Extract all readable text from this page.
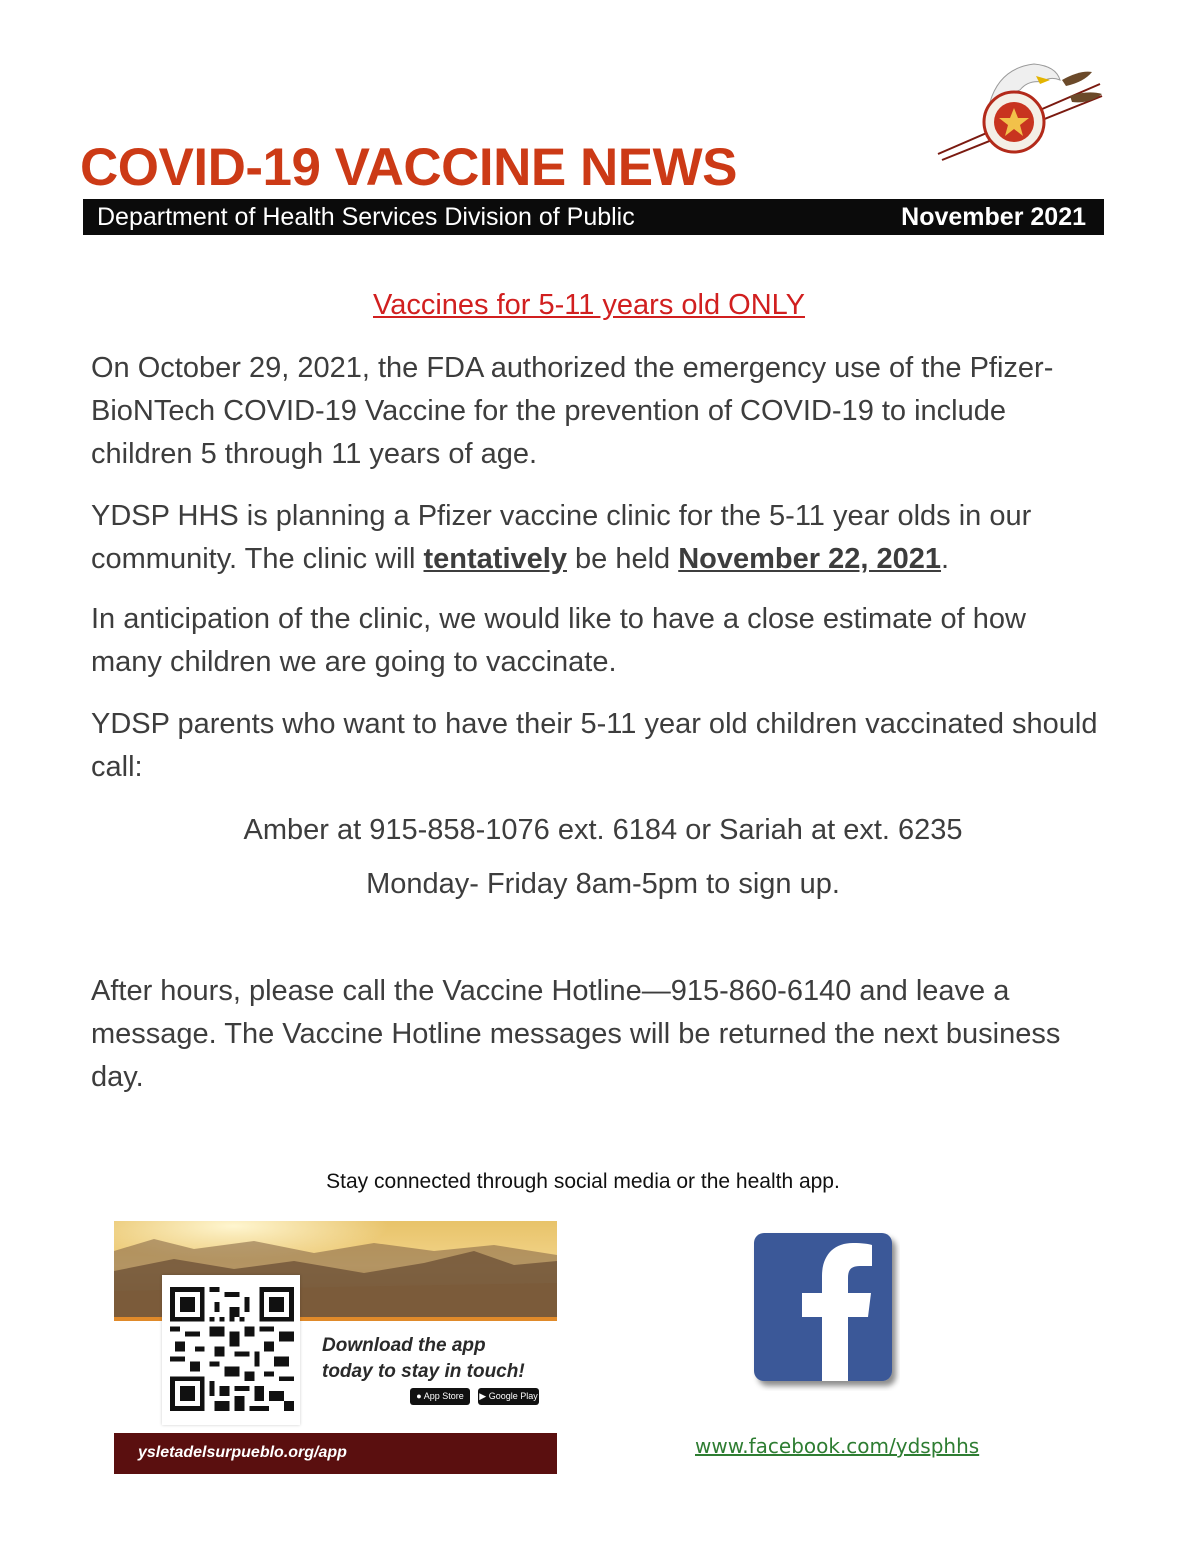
COVID-19 VACCINE NEWS
Department of Health Services Division of Public	November 2021
Vaccines for 5-11 years old ONLY
On October 29, 2021, the FDA authorized the emergency use of the Pfizer-BioNTech COVID-19 Vaccine for the prevention of COVID-19 to include children 5 through 11 years of age.
YDSP HHS is planning a Pfizer vaccine clinic for the 5-11 year olds in our community. The clinic will tentatively be held November 22, 2021.
In anticipation of the clinic, we would like to have a close estimate of how many children we are going to vaccinate.
YDSP parents who want to have their 5-11 year old children vaccinated should call:
Amber at 915-858-1076 ext. 6184 or Sariah at ext. 6235
Monday- Friday 8am-5pm to sign up.
After hours, please call the Vaccine Hotline—915-860-6140 and leave a message. The Vaccine Hotline messages will be returned the next business day.
Stay connected through social media or the health app.
Download the app
today to stay in touch!
● App Store	▶ Google Play
ysletadelsurpueblo.org/app	www.facebook.com/ydsphhs
